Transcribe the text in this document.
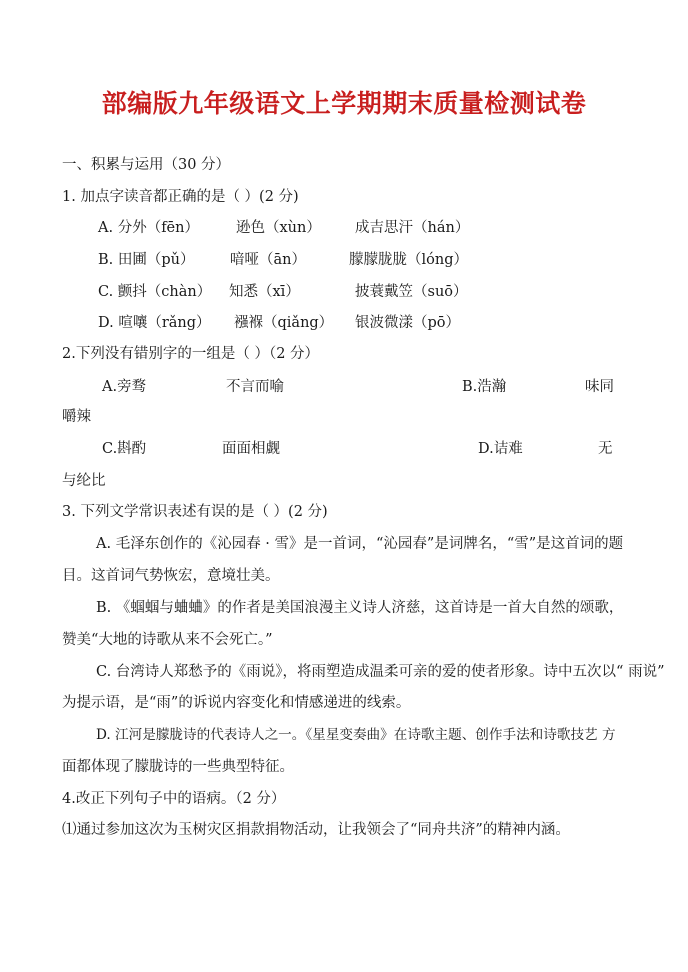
部编版九年级语文上学期期末质量检测试卷
一、积累与运用（30 分）
1. 加点字读音都正确的是（ ）(2 分)
A. 分外（fēn）	逊色（xùn） 成吉思汗（hán）
B. 田圃（pǔ） 喑哑（ān）	朦朦胧胧（lóng）
C. 颤抖（chàn） 知悉（xī）	披蓑戴笠（suō）
D. 喧嚷（rǎng） 襁褓（qiǎng） 银波微漾（pō）
2.下列没有错别字的一组是（ ）（2 分）
A.旁骛	不言而喻	B.浩瀚	味同
嚼辣
C.斟酌	面面相觑	D.诘难	无
与纶比
3. 下列文学常识表述有误的是（ ）(2 分)
A. 毛泽东创作的《沁园春 · 雪》是一首词，“沁园春”是词牌名，“雪”是这首词的题
目。这首词气势恢宏，意境壮美。
B. 《蝈蝈与蛐蛐》的作者是美国浪漫主义诗人济慈，这首诗是一首大自然的颂歌，
赞美“大地的诗歌从来不会死亡。”
C. 台湾诗人郑愁予的《雨说》，将雨塑造成温柔可亲的爱的使者形象。诗中五次以“ 雨说”
为提示语，是“雨”的诉说内容变化和情感递进的线索。
D. 江河是朦胧诗的代表诗人之一。《星星变奏曲》在诗歌主题、创作手法和诗歌技艺 方
面都体现了朦胧诗的一些典型特征。
4.改正下列句子中的语病。（2 分）
⑴通过参加这次为玉树灾区捐款捐物活动，让我领会了“同舟共济”的精神内涵。
